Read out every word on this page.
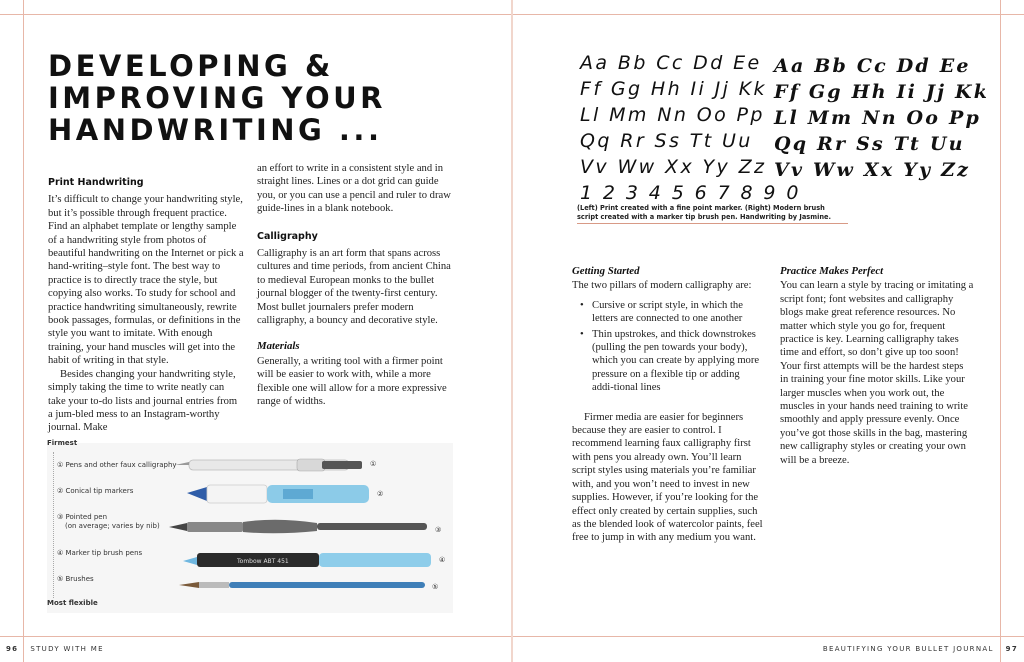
DEVELOPING &
IMPROVING YOUR
HANDWRITING ...
Print Handwriting

It’s difficult to change your handwriting style, but it’s possible through frequent practice. Find an alphabet template or lengthy sample of a handwriting style from photos of beautiful handwriting on the Internet or pick a hand-writing–style font. The best way to practice is to directly trace the style, but copying also works. To study for school and practice handwriting simultaneously, rewrite book passages, formulas, or definitions in the style you want to imitate. With enough training, your hand muscles will get into the habit of writing in that style.

Besides changing your handwriting style, simply taking the time to write neatly can take your to-do lists and journal entries from a jum-bled mess to an Instagram-worthy journal. Make

an effort to write in a consistent style and in straight lines. Lines or a dot grid can guide you, or you can use a pencil and ruler to draw guide-lines in a blank notebook.

Calligraphy

Calligraphy is an art form that spans across cultures and time periods, from ancient China to medieval European monks to the bullet journal blogger of the twenty-first century. Most bullet journalers prefer modern calligraphy, a bouncy and decorative style.

Materials

Generally, a writing tool with a firmer point will be easier to work with, while a more flexible one will allow for a more expressive range of widths.

Tombow ABT 451
Firmest
① Pens and other faux calligraphy
② Conical tip markers
③ Pointed pen
(on average; varies by nib)
④ Marker tip brush pens
⑤ Brushes
Most flexible
①
②
③
④
⑤
96 STUDY WITH ME
Aa Bb Cc Dd Ee
Ff Gg Hh Ii Jj Kk
Ll Mm Nn Oo Pp
Qq Rr Ss Tt Uu
Vv Ww Xx Yy Zz
1 2 3 4 5 6 7 8 9 0
Aa Bb Cc Dd Ee
Ff Gg Hh Ii Jj Kk
Ll Mm Nn Oo Pp
Qq Rr Ss Tt Uu
Vv Ww Xx Yy Zz
(Left) Print created with a fine point marker. (Right) Modern brush script created with a marker tip brush pen. Handwriting by Jasmine.
Getting Started

The two pillars of modern calligraphy are:

• Cursive or script style, in which the letters are connected to one another
• Thin upstrokes, and thick downstrokes (pulling the pen towards your body), which you can create by applying more pressure on a flexible tip or adding addi-tional lines

Firmer media are easier for beginners because they are easier to control. I recommend learning faux calligraphy first with pens you already own. You’ll learn script styles using materials you’re familiar with, and you won’t need to invest in new supplies. However, if you’re looking for the effect only created by certain supplies, such as the blended look of watercolor paints, feel free to jump in with any medium you want.

Practice Makes Perfect

You can learn a style by tracing or imitating a script font; font websites and calligraphy blogs make great reference resources. No matter which style you go for, frequent practice is key. Learning calligraphy takes time and effort, so don’t give up too soon! Your first attempts will be the hardest steps in training your fine motor skills. Like your larger muscles when you work out, the muscles in your hands need training to write smoothly and apply pressure evenly. Once you’ve got those skills in the bag, mastering new calligraphy styles or creating your own will be a breeze.

BEAUTIFYING YOUR BULLET JOURNAL 97
